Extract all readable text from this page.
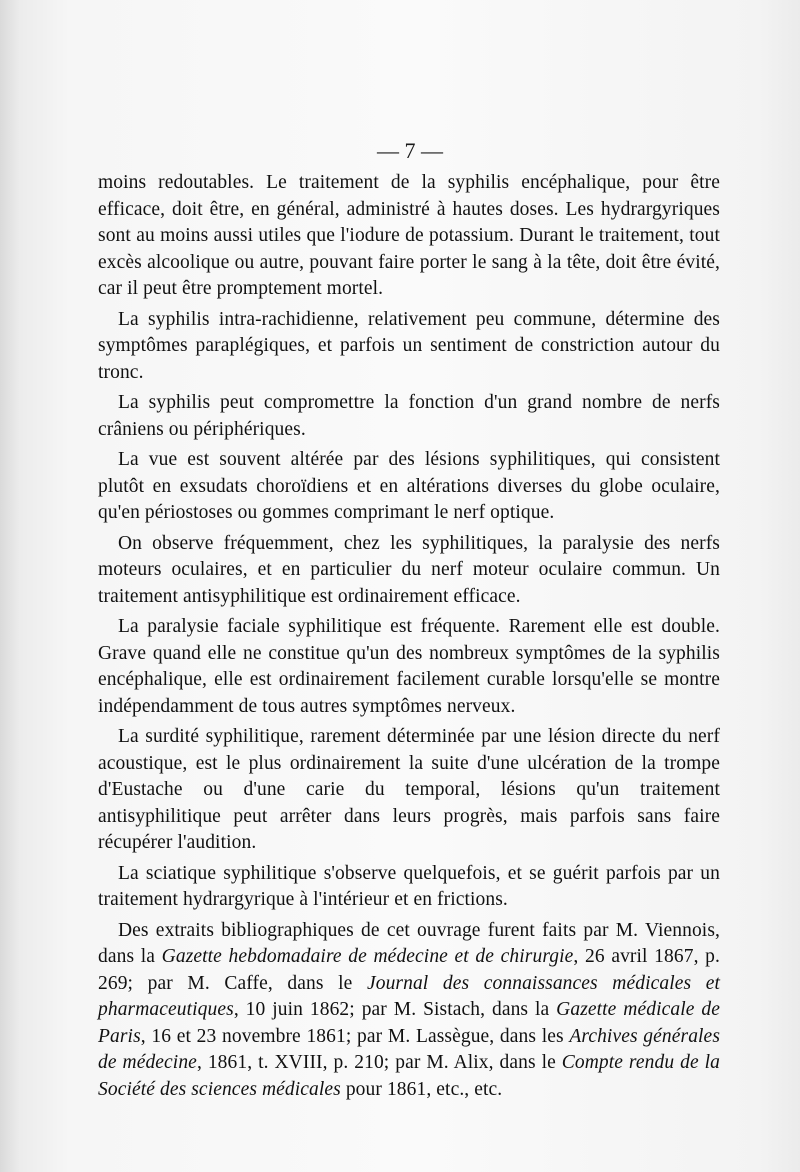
— 7 —

moins redoutables. Le traitement de la syphilis encéphalique, pour être efficace, doit être, en général, administré à hautes doses. Les hydrargyriques sont au moins aussi utiles que l'iodure de potassium. Durant le traitement, tout excès alcoolique ou autre, pouvant faire porter le sang à la tête, doit être évité, car il peut être promptement mortel.

La syphilis intra-rachidienne, relativement peu commune, détermine des symptômes paraplégiques, et parfois un sentiment de constriction autour du tronc.

La syphilis peut compromettre la fonction d'un grand nombre de nerfs crâniens ou périphériques.

La vue est souvent altérée par des lésions syphilitiques, qui consistent plutôt en exsudats choroïdiens et en altérations diverses du globe oculaire, qu'en périostoses ou gommes comprimant le nerf optique.

On observe fréquemment, chez les syphilitiques, la paralysie des nerfs moteurs oculaires, et en particulier du nerf moteur oculaire commun. Un traitement antisyphilitique est ordinairement efficace.

La paralysie faciale syphilitique est fréquente. Rarement elle est double. Grave quand elle ne constitue qu'un des nombreux symptômes de la syphilis encéphalique, elle est ordinairement facilement curable lorsqu'elle se montre indépendamment de tous autres symptômes nerveux.

La surdité syphilitique, rarement déterminée par une lésion directe du nerf acoustique, est le plus ordinairement la suite d'une ulcération de la trompe d'Eustache ou d'une carie du temporal, lésions qu'un traitement antisyphilitique peut arrêter dans leurs progrès, mais parfois sans faire récupérer l'audition.

La sciatique syphilitique s'observe quelquefois, et se guérit parfois par un traitement hydrargyrique à l'intérieur et en frictions.

Des extraits bibliographiques de cet ouvrage furent faits par M. Viennois, dans la Gazette hebdomadaire de médecine et de chirurgie, 26 avril 1867, p. 269; par M. Caffe, dans le Journal des connaissances médicales et pharmaceutiques, 10 juin 1862; par M. Sistach, dans la Gazette médicale de Paris, 16 et 23 novembre 1861; par M. Lassègue, dans les Archives générales de médecine, 1861, t. XVIII, p. 210; par M. Alix, dans le Compte rendu de la Société des sciences médicales pour 1861, etc., etc.
